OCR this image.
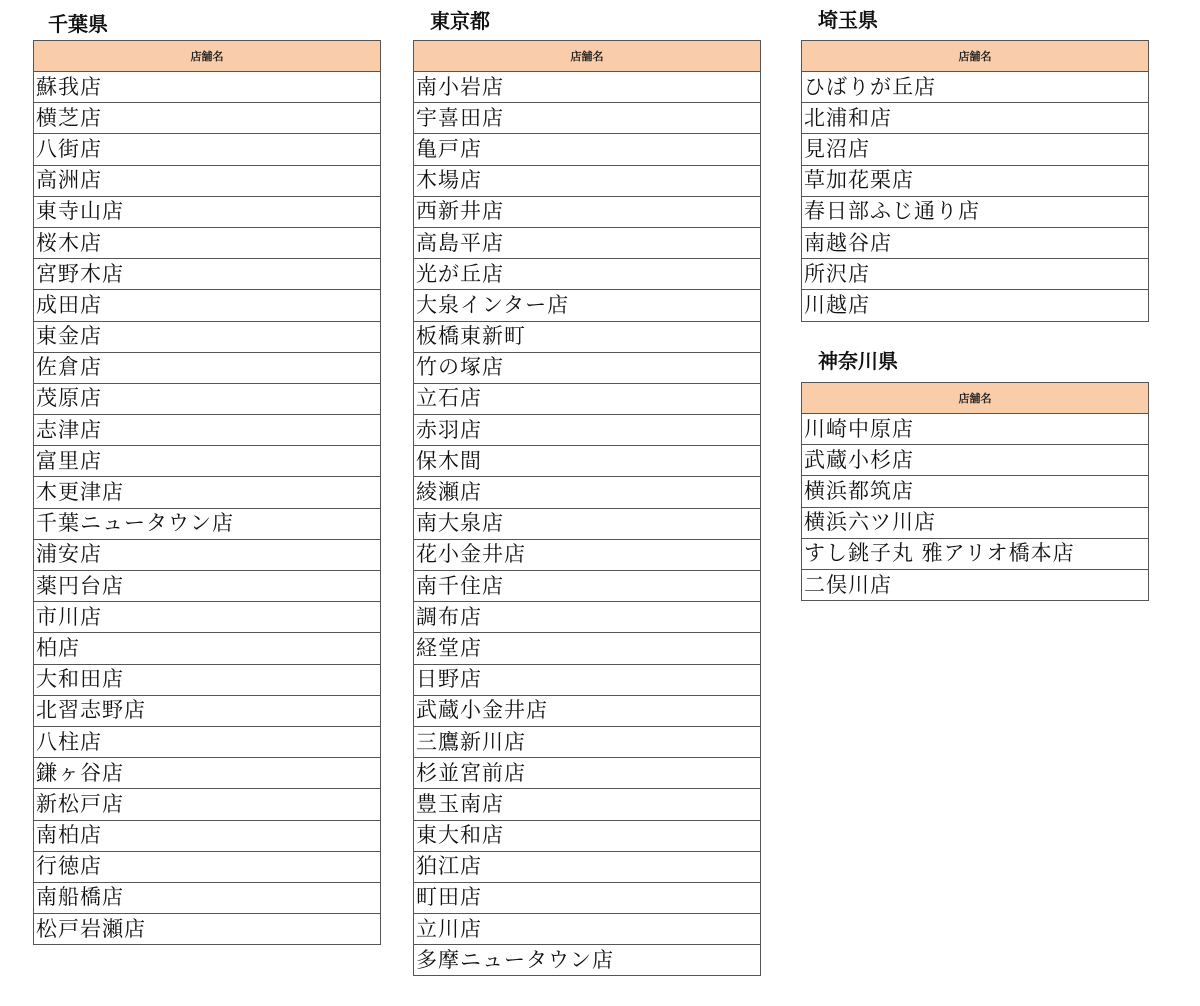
千葉県
店舗名
蘇我店
横芝店
八街店
高洲店
東寺山店
桜木店
宮野木店
成田店
東金店
佐倉店
茂原店
志津店
富里店
木更津店
千葉ニュータウン店
浦安店
薬円台店
市川店
柏店
大和田店
北習志野店
八柱店
鎌ヶ谷店
新松戸店
南柏店
行徳店
南船橋店
松戸岩瀬店
東京都
店舗名
南小岩店
宇喜田店
亀戸店
木場店
西新井店
高島平店
光が丘店
大泉インター店
板橋東新町
竹の塚店
立石店
赤羽店
保木間
綾瀬店
南大泉店
花小金井店
南千住店
調布店
経堂店
日野店
武蔵小金井店
三鷹新川店
杉並宮前店
豊玉南店
東大和店
狛江店
町田店
立川店
多摩ニュータウン店
埼玉県
店舗名
ひばりが丘店
北浦和店
見沼店
草加花栗店
春日部ふじ通り店
南越谷店
所沢店
川越店
神奈川県
店舗名
川崎中原店
武蔵小杉店
横浜都筑店
横浜六ツ川店
すし銚子丸 雅アリオ橋本店
二俣川店
